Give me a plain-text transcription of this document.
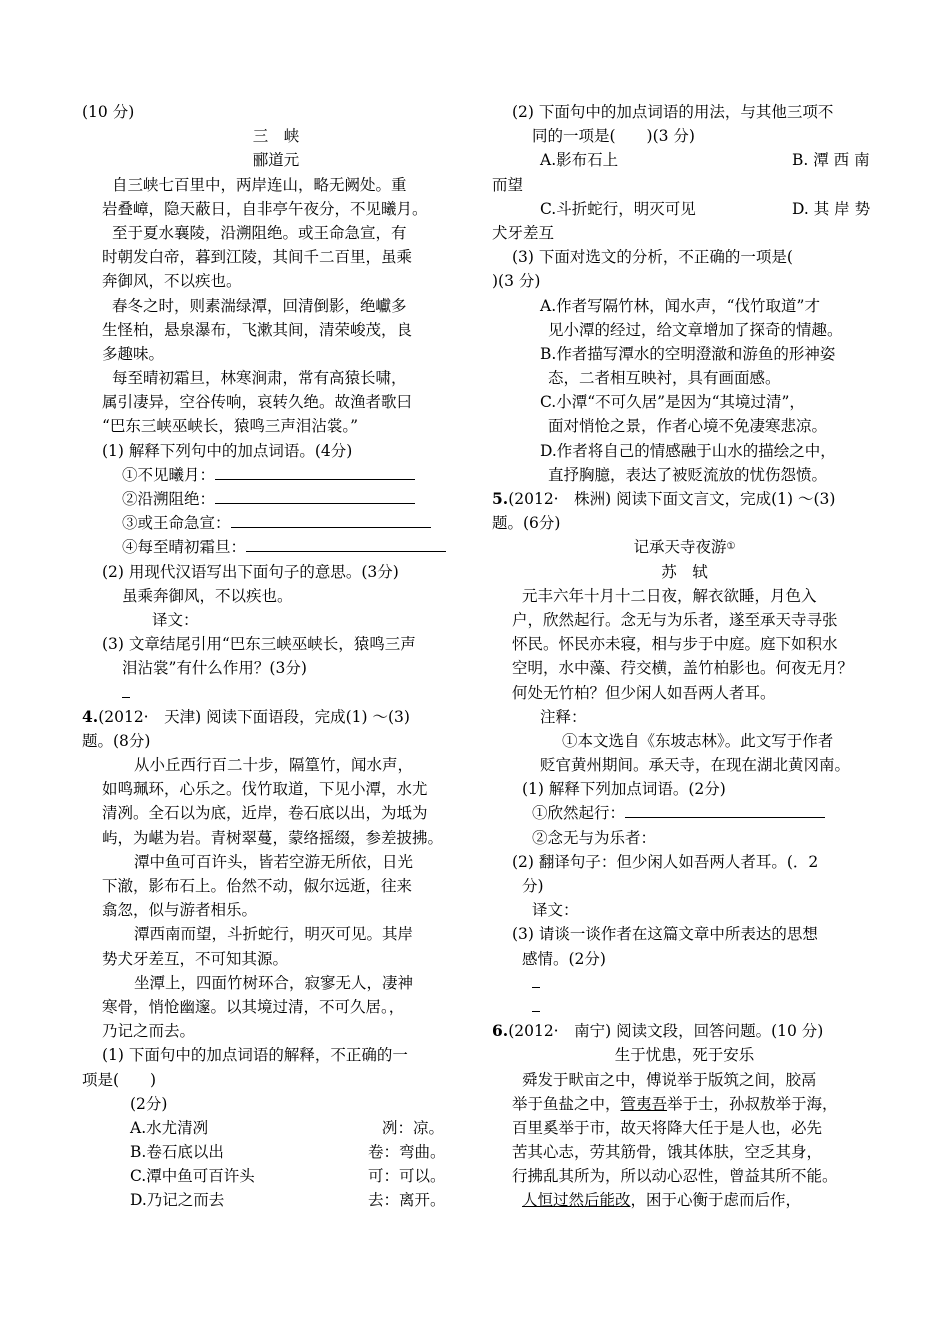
(10 分)
三　峡
郦道元
自三峡七百里中，两岸连山，略无阙处。重
岩叠嶂，隐天蔽日，自非亭午夜分，不见曦月。
至于夏水襄陵，沿溯阻绝。或王命急宣，有
时朝发白帝，暮到江陵，其间千二百里，虽乘
奔御风，不以疾也。
春冬之时，则素湍绿潭，回清倒影，绝巘多
生怪柏，悬泉瀑布，飞漱其间，清荣峻茂，良
多趣味。
每至晴初霜旦，林寒涧肃，常有高猿长啸，
属引凄异，空谷传响，哀转久绝。故渔者歌曰
“巴东三峡巫峡长，猿鸣三声泪沾裳。”
(1) 解释下列句中的加点词语。(4分)
①不见曦月：
②沿溯阻绝：
③或王命急宣：
④每至晴初霜旦：
(2) 用现代汉语写出下面句子的意思。(3分)
虽乘奔御风，不以疾也。
译文：
(3) 文章结尾引用“巴东三峡巫峡长，猿鸣三声
泪沾裳”有什么作用？(3分)
4.(2012·　天津) 阅读下面语段，完成(1) ～(3)
题。(8分)
从小丘西行百二十步，隔篁竹，闻水声，
如鸣珮环，心乐之。伐竹取道，下见小潭，水尤
清冽。全石以为底，近岸，卷石底以出，为坻为
屿，为嵁为岩。青树翠蔓，蒙络摇缀，参差披拂。
潭中鱼可百许头，皆若空游无所依，日光
下澈，影布石上。佁然不动，俶尔远逝，往来
翕忽，似与游者相乐。
潭西南而望，斗折蛇行，明灭可见。其岸
势犬牙差互，不可知其源。
坐潭上，四面竹树环合，寂寥无人，凄神
寒骨，悄怆幽邃。以其境过清，不可久居。，
乃记之而去。
(1) 下面句中的加点词语的解释，不正确的一
项是(　　)
(2分)
A.水尤清冽	冽：凉。
B.卷石底以出	卷：弯曲。
C.潭中鱼可百许头	可：可以。
D.乃记之而去	去：离开。
(2) 下面句中的加点词语的用法，与其他三项不
同的一项是(　　)(3 分)
A.影布石上	B. 潭 西 南
而望
C.斗折蛇行，明灭可见	D. 其 岸 势
犬牙差互
(3) 下面对选文的分析，不正确的一项是(
)(3 分)
A.作者写隔竹林，闻水声，“伐竹取道”才
见小潭的经过，给文章增加了探奇的情趣。
B.作者描写潭水的空明澄澈和游鱼的形神姿
态，二者相互映衬，具有画面感。
C.小潭“不可久居”是因为“其境过清”，
面对悄怆之景，作者心境不免凄寒悲凉。
D.作者将自己的情感融于山水的描绘之中，
直抒胸臆，表达了被贬流放的忧伤怨愤。
5.(2012·　株洲) 阅读下面文言文，完成(1) ～(3)
题。(6分)
记承天寺夜游①
苏　轼
元丰六年十月十二日夜，解衣欲睡，月色入
户，欣然起行。念无与为乐者，遂至承天寺寻张
怀民。怀民亦未寝，相与步于中庭。庭下如积水
空明，水中藻、荇交横，盖竹柏影也。何夜无月？
何处无竹柏？但少闲人如吾两人者耳。
注释：
①本文选自《东坡志林》。此文写于作者
贬官黄州期间。承天寺，在现在湖北黄冈南。
(1) 解释下列加点词语。(2分)
①欣然起行：
②念无与为乐者：
(2) 翻译句子：但少闲人如吾两人者耳。(．2
分)
译文：
(3) 请谈一谈作者在这篇文章中所表达的思想
感情。(2分)
6.(2012·　南宁) 阅读文段，回答问题。(10 分)
生于忧患，死于安乐
舜发于畎亩之中，傅说举于版筑之间，胶鬲
举于鱼盐之中，管夷吾举于士，孙叔敖举于海，
百里奚举于市，故天将降大任于是人也，必先
苦其心志，劳其筋骨，饿其体肤，空乏其身，
行拂乱其所为，所以动心忍性，曾益其所不能。
人恒过然后能改，困于心衡于虑而后作，
